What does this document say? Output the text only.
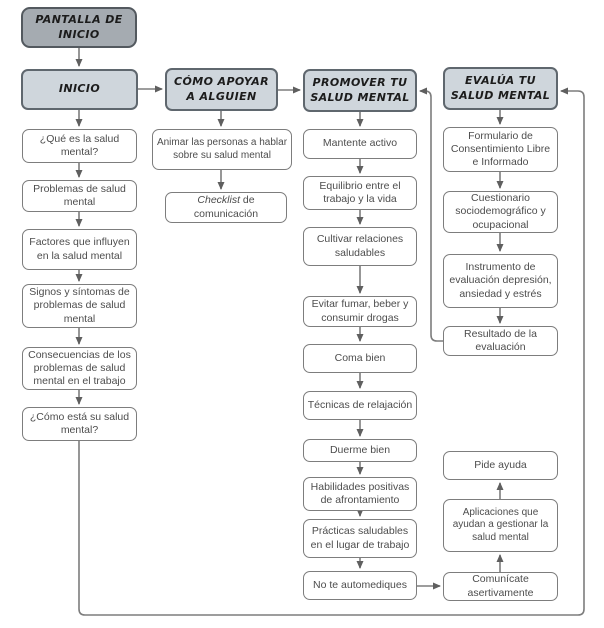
PANTALLA DE INICIO
INICIO
¿Qué es la salud mental?
Problemas de salud mental
Factores que influyen en la salud mental
Signos y síntomas de problemas de salud mental
Consecuencias de los problemas de salud mental en el trabajo
¿Cómo está su salud mental?
CÓMO APOYAR A ALGUIEN
Animar las personas a hablar sobre su salud mental
Checklist de comunicación
PROMOVER TU SALUD MENTAL
Mantente activo
Equilibrio entre el trabajo y la vida
Cultivar relaciones saludables
Evitar fumar, beber y consumir drogas
Coma bien
Técnicas de relajación
Duerme bien
Habilidades positivas de afrontamiento
Prácticas saludables en el lugar de trabajo
No te automediques
EVALÚA TU SALUD MENTAL
Formulario de Consentimiento Libre e Informado
Cuestionario sociodemográfico y ocupacional
Instrumento de evaluación depresión, ansiedad y estrés
Resultado de la evaluación
Pide ayuda
Aplicaciones que ayudan a gestionar la salud mental
Comunícate asertivamente
